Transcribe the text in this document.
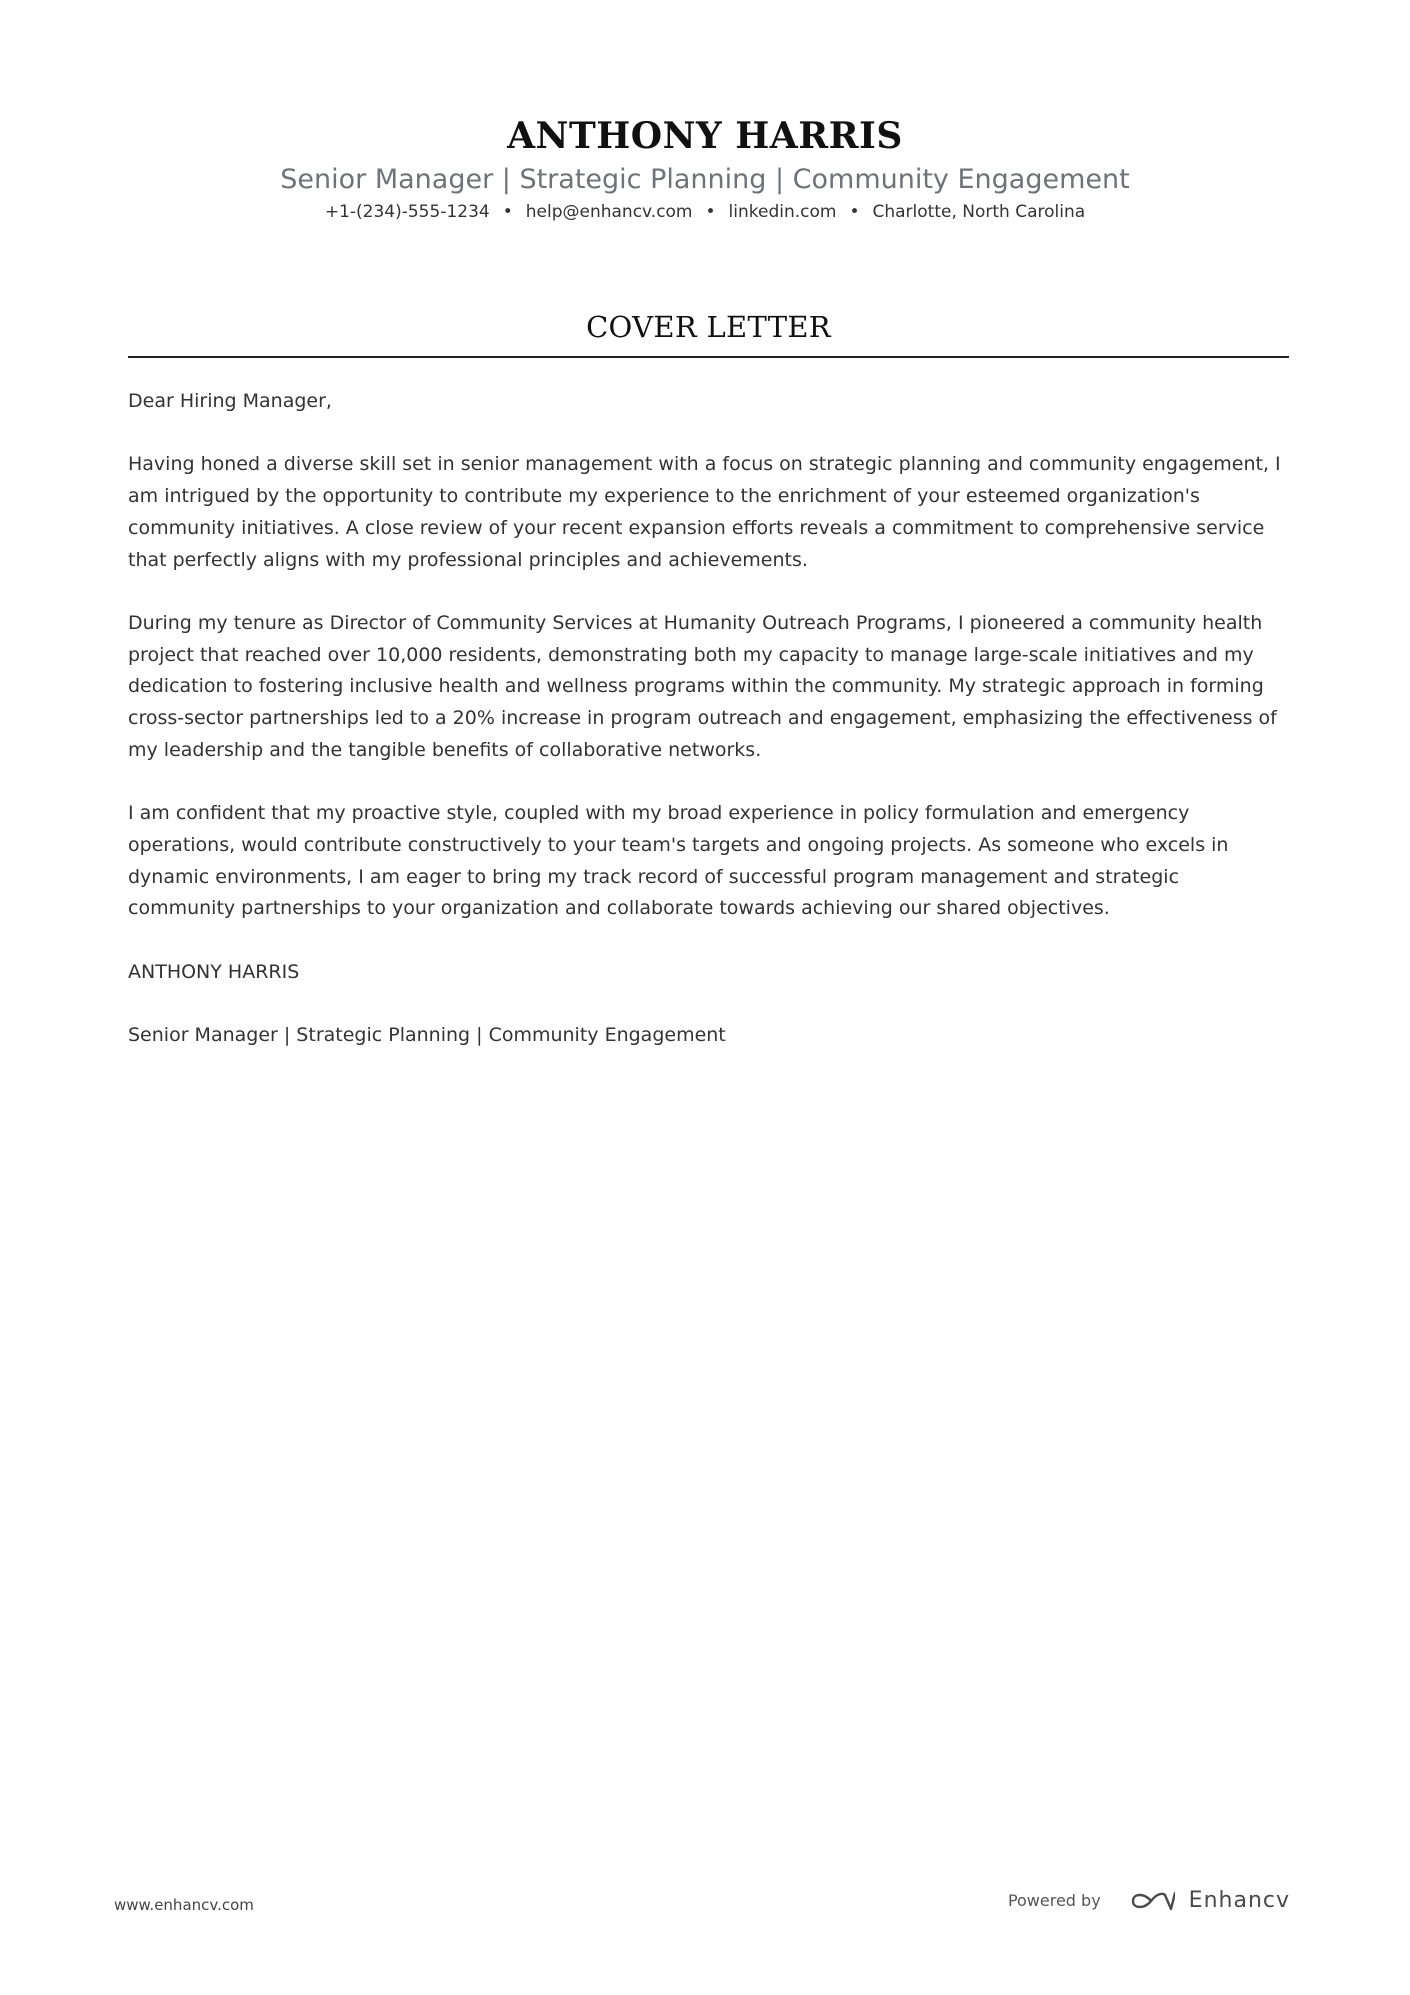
ANTHONY HARRIS
Senior Manager | Strategic Planning | Community Engagement
+1-(234)-555-1234 • help@enhancv.com • linkedin.com • Charlotte, North Carolina
COVER LETTER

Dear Hiring Manager,

Having honed a diverse skill set in senior management with a focus on strategic planning and community engagement, I am intrigued by the opportunity to contribute my experience to the enrichment of your esteemed organization's community initiatives. A close review of your recent expansion efforts reveals a commitment to comprehensive service that perfectly aligns with my professional principles and achievements.

During my tenure as Director of Community Services at Humanity Outreach Programs, I pioneered a community health project that reached over 10,000 residents, demonstrating both my capacity to manage large-scale initiatives and my dedication to fostering inclusive health and wellness programs within the community. My strategic approach in forming cross-sector partnerships led to a 20% increase in program outreach and engagement, emphasizing the effectiveness of my leadership and the tangible benefits of collaborative networks.

I am confident that my proactive style, coupled with my broad experience in policy formulation and emergency operations, would contribute constructively to your team's targets and ongoing projects. As someone who excels in dynamic environments, I am eager to bring my track record of successful program management and strategic community partnerships to your organization and collaborate towards achieving our shared objectives.

ANTHONY HARRIS

Senior Manager | Strategic Planning | Community Engagement

www.enhancv.com	Powered by	Enhancv
